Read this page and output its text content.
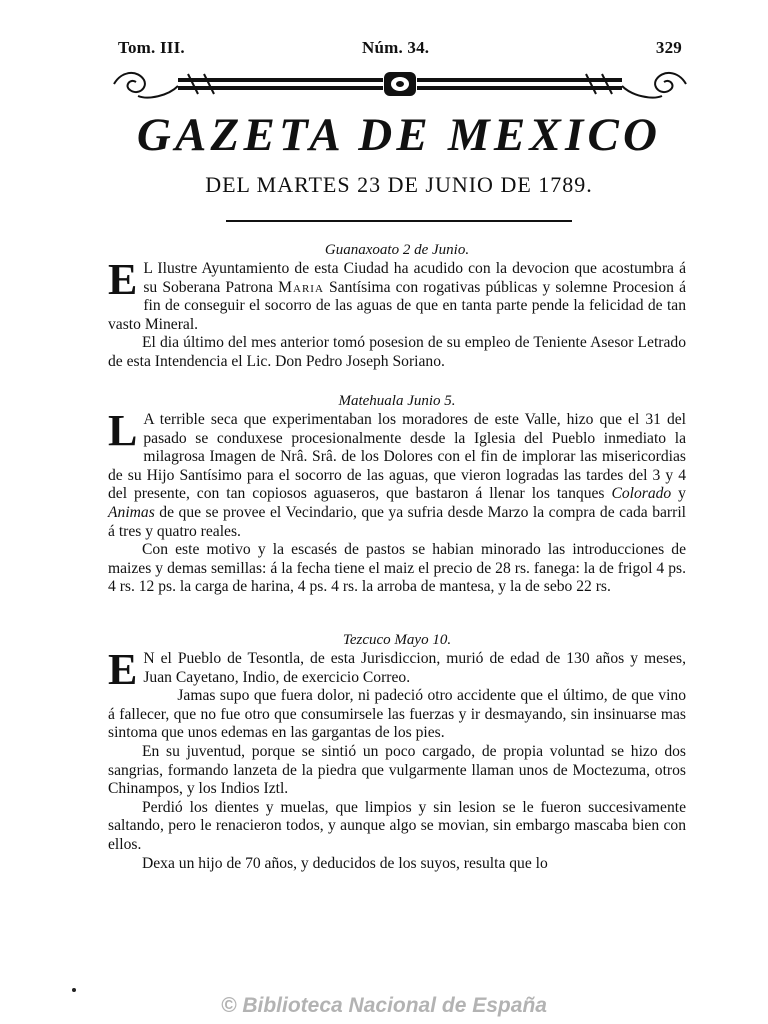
Tom. III.	Núm. 34.	329
GAZETA DE MEXICO
DEL MARTES 23 DE JUNIO DE 1789.
Guanaxoato 2 de Junio.

E L Ilustre Ayuntamiento de esta Ciudad ha acudido con la devocion que acostumbra á su Soberana Patrona Maria Santísima con rogativas públicas y solemne Procesion á fin de conseguir el socorro de las aguas de que en tanta parte pende la felicidad de tan vasto Mineral.

El dia último del mes anterior tomó posesion de su empleo de Teniente Asesor Letrado de esta Intendencia el Lic. Don Pedro Joseph Soriano.

Matehuala Junio 5.

L A terrible seca que experimentaban los moradores de este Valle, hizo que el 31 del pasado se conduxese procesionalmente desde la Iglesia del Pueblo inmediato la milagrosa Imagen de Nrâ. Srâ. de los Dolores con el fin de implorar las misericordias de su Hijo Santísimo para el socorro de las aguas, que vieron logradas las tardes del 3 y 4 del presente, con tan copiosos aguaseros, que bastaron á llenar los tanques Colorado y Animas de que se provee el Vecindario, que ya sufria desde Marzo la compra de cada barril á tres y quatro reales.

Con este motivo y la escasés de pastos se habian minorado las introducciones de maizes y demas semillas: á la fecha tiene el maiz el precio de 28 rs. fanega: la de frigol 4 ps. 4 rs. 12 ps. la carga de harina, 4 ps. 4 rs. la arroba de mantesa, y la de sebo 22 rs.

Tezcuco Mayo 10.

E N el Pueblo de Tesontla, de esta Jurisdiccion, murió de edad de 130 años y meses, Juan Cayetano, Indio, de exercicio Correo.

Jamas supo que fuera dolor, ni padeció otro accidente que el último, de que vino á fallecer, que no fue otro que consumirsele las fuerzas y ir desmayando, sin insinuarse mas sintoma que unos edemas en las gargantas de los pies.

En su juventud, porque se sintió un poco cargado, de propia voluntad se hizo dos sangrias, formando lanzeta de la piedra que vulgarmente llaman unos de Moctezuma, otros Chinampos, y los Indios Iztl.

Perdió los dientes y muelas, que limpios y sin lesion se le fueron succesivamente saltando, pero le renacieron todos, y aunque algo se movian, sin embargo mascaba bien con ellos.

Dexa un hijo de 70 años, y deducidos de los suyos, resulta que lo

© Biblioteca Nacional de España
